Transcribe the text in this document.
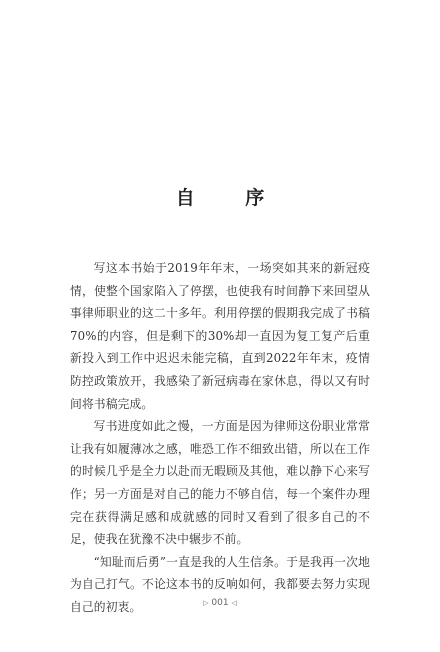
自 序

写这本书始于2019年年末，一场突如其来的新冠疫情，使整个国家陷入了停摆，也使我有时间静下来回望从事律师职业的这二十多年。利用停摆的假期我完成了书稿70%的内容，但是剩下的30%却一直因为复工复产后重新投入到工作中迟迟未能完稿，直到2022年年末，疫情防控政策放开，我感染了新冠病毒在家休息，得以又有时间将书稿完成。

写书进度如此之慢，一方面是因为律师这份职业常常让我有如履薄冰之感，唯恐工作不细致出错，所以在工作的时候几乎是全力以赴而无暇顾及其他，难以静下心来写作；另一方面是对自己的能力不够自信，每一个案件办理完在获得满足感和成就感的同时又看到了很多自己的不足，使我在犹豫不决中辗步不前。

“知耻而后勇”一直是我的人生信条。于是我再一次地为自己打气。不论这本书的反响如何，我都要去努力实现自己的初衷。	▷ 001 ◁
